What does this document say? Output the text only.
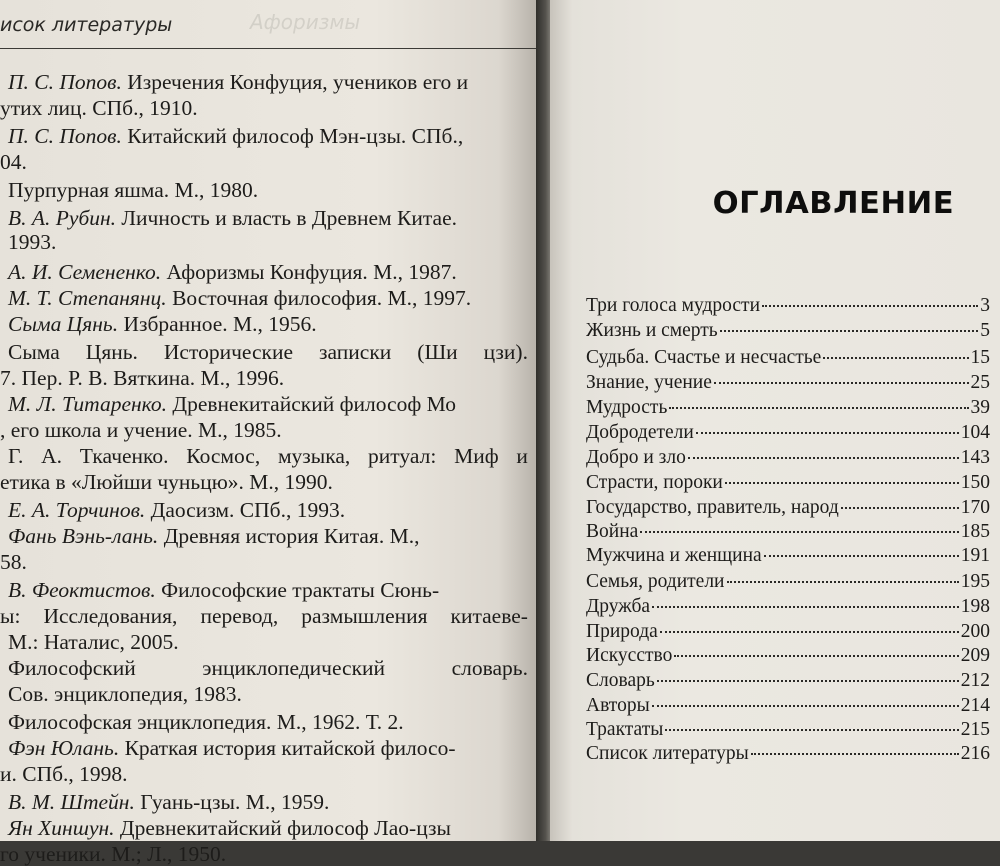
исок литературы	Афоризмы
П. С. Попов. Изречения Конфуция, учеников его и
утих лиц. СПб., 1910.
П. С. Попов. Китайский философ Мэн-цзы. СПб.,
04.
Пурпурная яшма. М., 1980.
В. А. Рубин. Личность и власть в Древнем Китае.
1993.
А. И. Семененко. Афоризмы Конфуция. М., 1987.
М. Т. Степанянц. Восточная философия. М., 1997.
Сыма Цянь. Избранное. М., 1956.
Сыма Цянь. Исторические записки (Ши цзи).
7. Пер. Р. В. Вяткина. М., 1996.
М. Л. Титаренко. Древнекитайский философ Мо
, его школа и учение. М., 1985.
Г. А. Ткаченко. Космос, музыка, ритуал: Миф и
етика в «Люйши чуньцю». М., 1990.
Е. А. Торчинов. Даосизм. СПб., 1993.
Фань Вэнь-лань. Древняя история Китая. М.,
58.
В. Феоктистов. Философские трактаты Сюнь-
ы: Исследования, перевод, размышления китаеве-
М.: Наталис, 2005.
Философский	энциклопедический	словарь.
Сов. энциклопедия, 1983.
Философская энциклопедия. М., 1962. Т. 2.
Фэн Юлань. Краткая история китайской филосо-
и. СПб., 1998.
В. М. Штейн. Гуань-цзы. М., 1959.
Ян Хиншун. Древнекитайский философ Лао-цзы
го ученики. М.; Л., 1950.
ОГЛАВЛЕНИЕ
Три голоса мудрости	3
Жизнь и смерть	5
Судьба. Счастье и несчастье	15
Знание, учение	25
Мудрость	39
Добродетели	104
Добро и зло	143
Страсти, пороки	150
Государство, правитель, народ	170
Война	185
Мужчина и женщина	191
Семья, родители	195
Дружба	198
Природа	200
Искусство	209
Словарь	212
Авторы	214
Трактаты	215
Список литературы	216
